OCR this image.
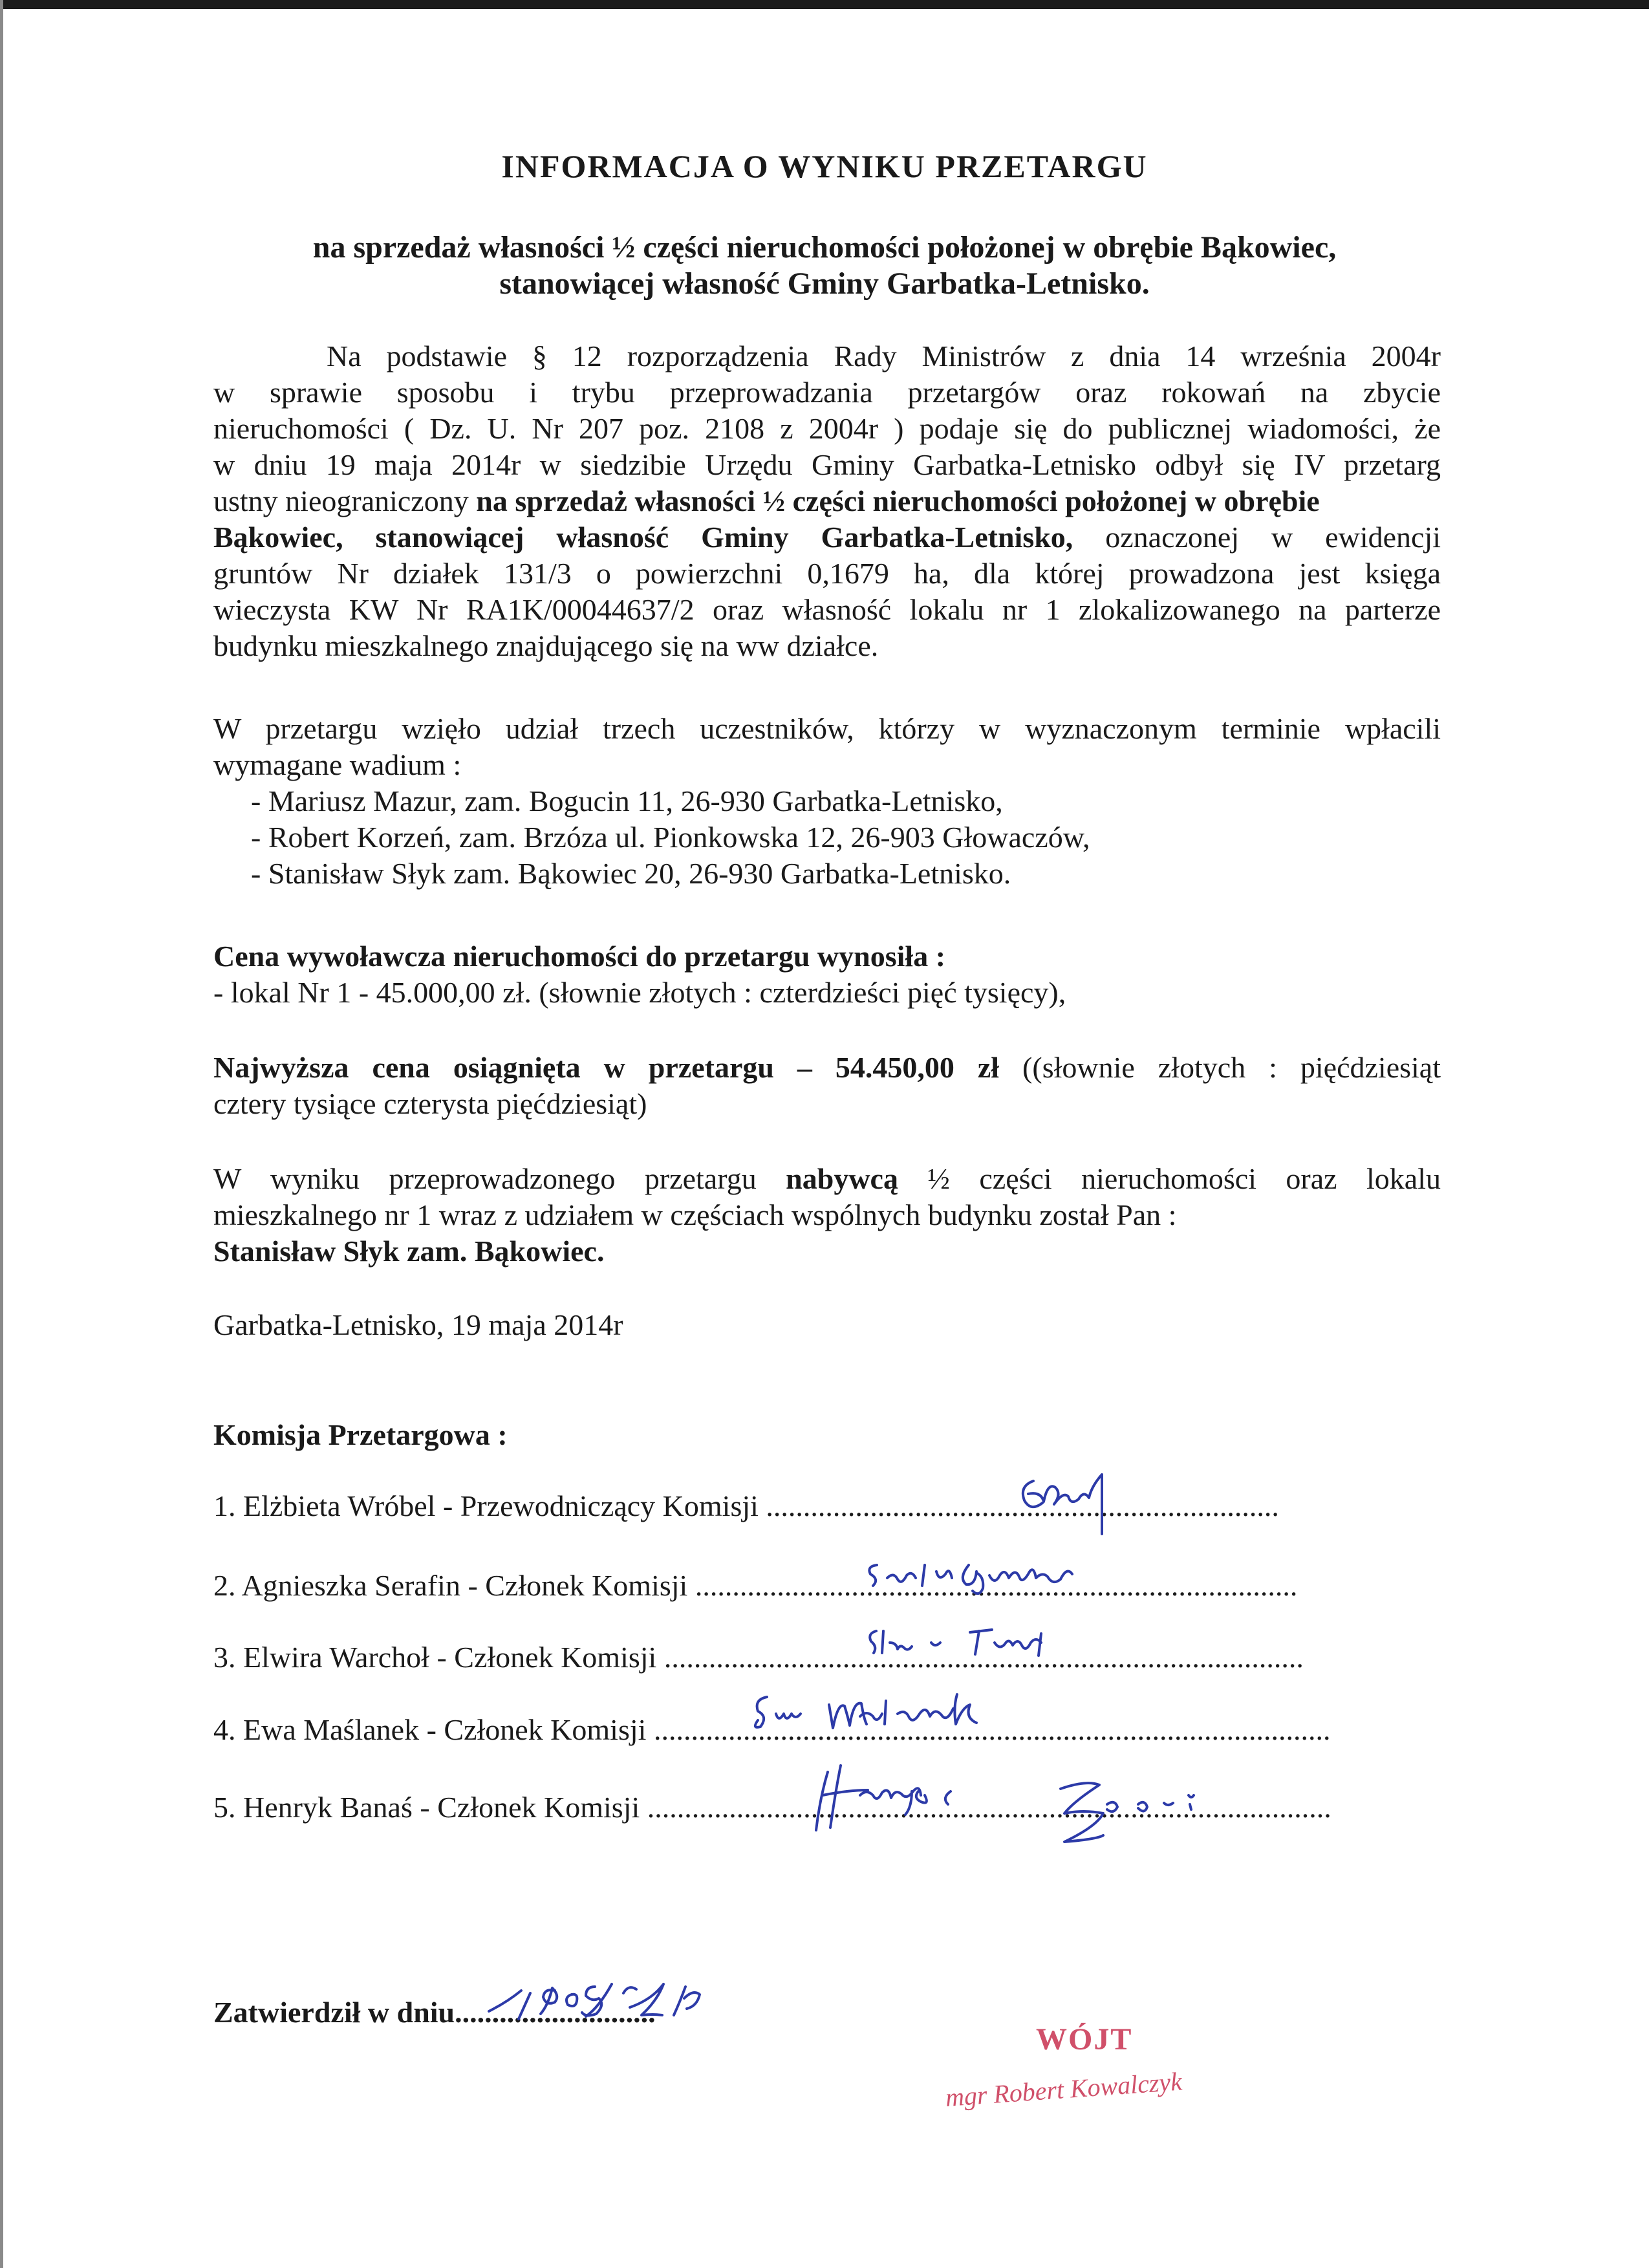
INFORMACJA O WYNIKU PRZETARGU
na sprzedaż własności ½ części nieruchomości położonej w obrębie Bąkowiec,
stanowiącej własność Gminy Garbatka-Letnisko.
Na podstawie § 12 rozporządzenia Rady Ministrów z dnia 14 września 2004r
w sprawie sposobu i trybu przeprowadzania przetargów oraz rokowań na zbycie
nieruchomości ( Dz. U. Nr 207 poz. 2108 z 2004r ) podaje się do publicznej wiadomości, że
w dniu 19 maja 2014r w siedzibie Urzędu Gminy Garbatka-Letnisko odbył się IV przetarg
ustny nieograniczony na sprzedaż własności ½ części nieruchomości położonej w obrębie
Bąkowiec, stanowiącej własność Gminy Garbatka-Letnisko, oznaczonej w ewidencji
gruntów Nr działek 131/3 o powierzchni 0,1679 ha, dla której prowadzona jest księga
wieczysta KW Nr RA1K/00044637/2 oraz własność lokalu nr 1 zlokalizowanego na parterze
budynku mieszkalnego znajdującego się na ww działce.
W przetargu wzięło udział trzech uczestników, którzy w wyznaczonym terminie wpłacili
wymagane wadium :
- Mariusz Mazur, zam. Bogucin 11, 26-930 Garbatka-Letnisko,
- Robert Korzeń, zam. Brzóza ul. Pionkowska 12, 26-903 Głowaczów,
- Stanisław Słyk zam. Bąkowiec 20, 26-930 Garbatka-Letnisko.
Cena wywoławcza nieruchomości do przetargu wynosiła :
- lokal Nr 1 - 45.000,00 zł. (słownie złotych : czterdzieści pięć tysięcy),
Najwyższa cena osiągnięta w przetargu – 54.450,00 zł ((słownie złotych : pięćdziesiąt
cztery tysiące czterysta pięćdziesiąt)
W wyniku przeprowadzonego przetargu nabywcą ½ części nieruchomości oraz lokalu
mieszkalnego nr 1 wraz z udziałem w częściach wspólnych budynku został Pan :
Stanisław Słyk zam. Bąkowiec.
Garbatka-Letnisko, 19 maja 2014r
Komisja Przetargowa :
1. Elżbieta Wróbel - Przewodniczący Komisji .....................................................................
2. Agnieszka Serafin - Członek Komisji .................................................................................
3. Elwira Warchoł - Członek Komisji ......................................................................................
4. Ewa Maślanek - Członek Komisji ...........................................................................................
5. Henryk Banaś - Członek Komisji ............................................................................................
Zatwierdził w dniu...........................
WÓJT
mgr Robert Kowalczyk
